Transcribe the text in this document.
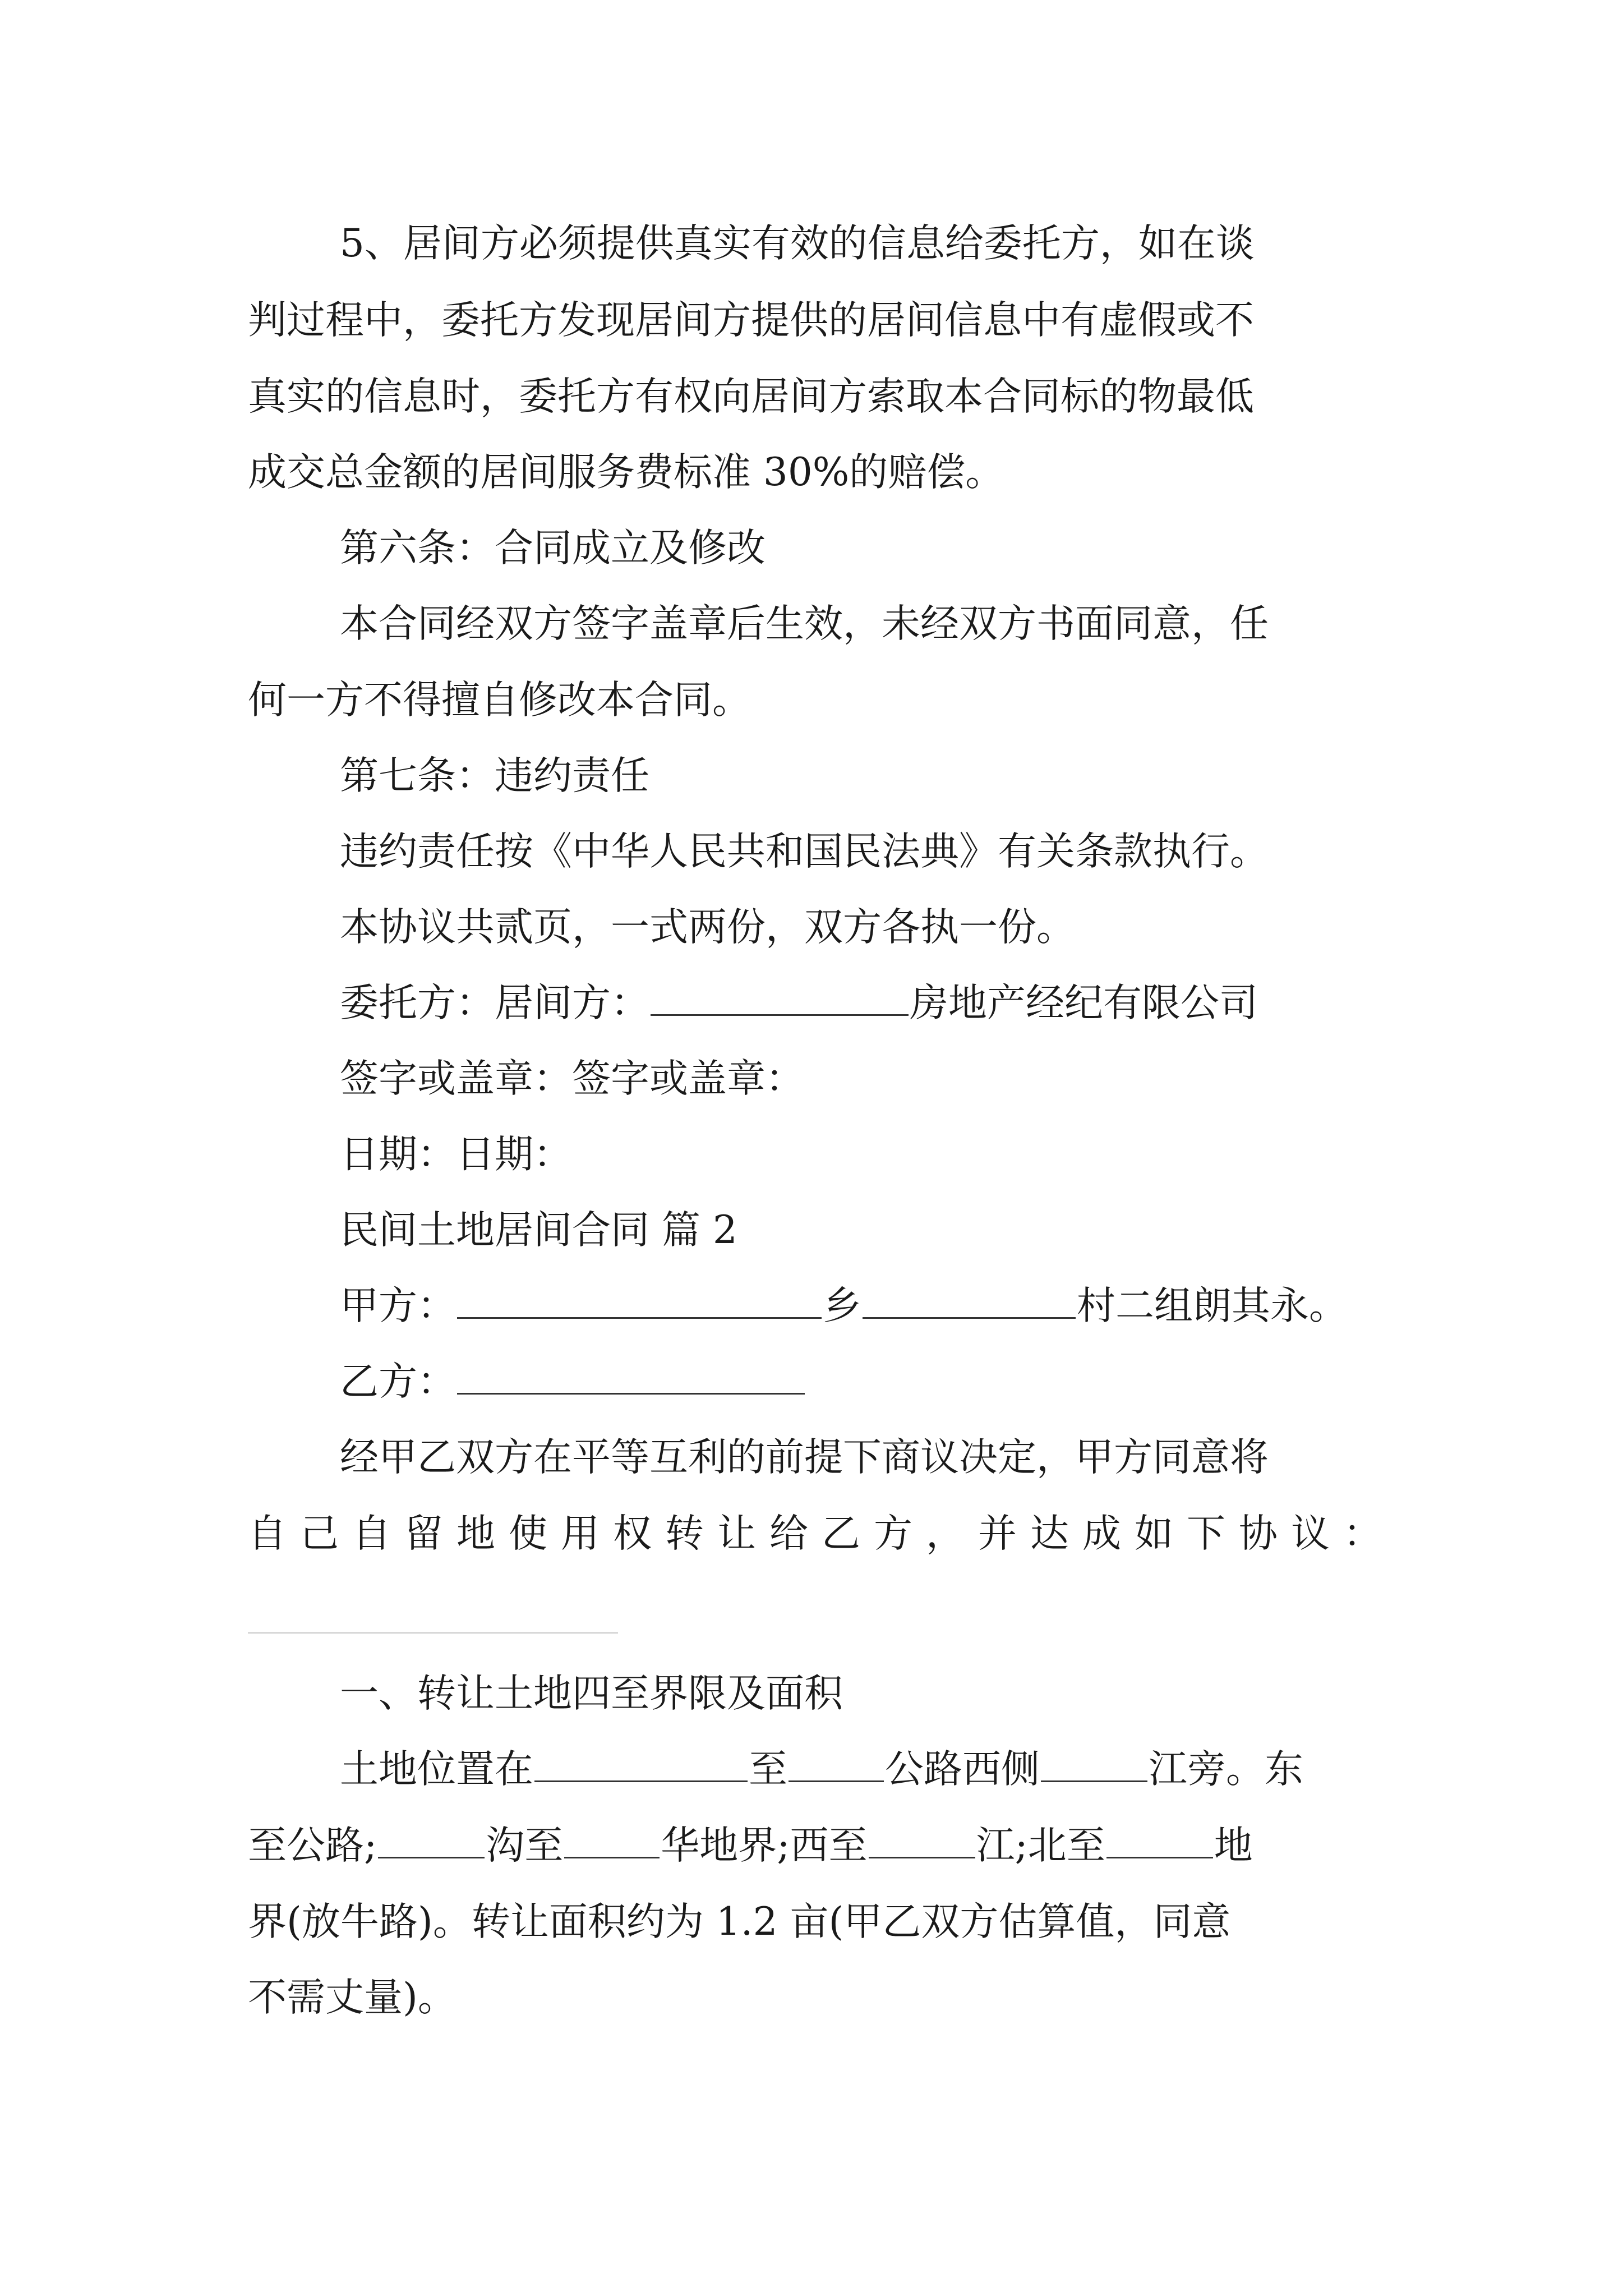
5、居间方必须提供真实有效的信息给委托方，如在谈
判过程中，委托方发现居间方提供的居间信息中有虚假或不
真实的信息时，委托方有权向居间方索取本合同标的物最低
成交总金额的居间服务费标准 30%的赔偿。
第六条：合同成立及修改
本合同经双方签字盖章后生效，未经双方书面同意，任
何一方不得擅自修改本合同。
第七条：违约责任
违约责任按《中华人民共和国民法典》有关条款执行。
本协议共贰页，一式两份，双方各执一份。
委托方：居间方：	房地产经纪有限公司
签字或盖章：签字或盖章：
日期：日期：
民间土地居间合同 篇 2
甲方：	乡	村二组朗其永。
乙方：
经甲乙双方在平等互利的前提下商议决定，甲方同意将
自己自留地使用权转让给乙方，并达成如下协议：
一、转让土地四至界限及面积
土地位置在	至	公路西侧	江旁。东
至公路;	沟至	华地界;西至	江;北至	地
界(放牛路)。转让面积约为 1.2 亩(甲乙双方估算值，同意
不需丈量)。
